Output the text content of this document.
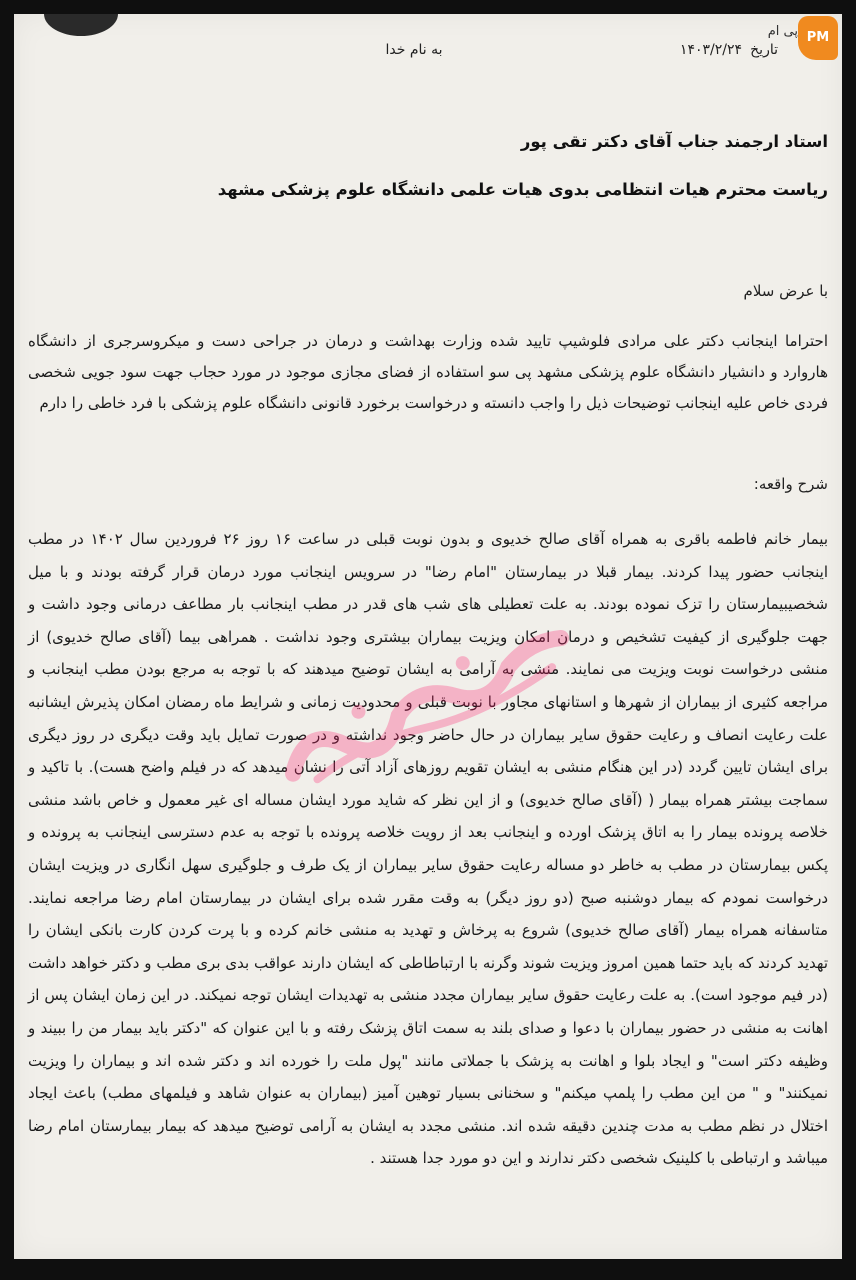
تاریخ
۱۴۰۳/۲/۲۴
به نام خدا
پی ام PM
استاد ارجمند جناب آقای دکتر تقی پور
ریاست محترم هیات انتظامی بدوی هیات علمی دانشگاه علوم پزشکی مشهد
با عرض سلام
احتراما اینجانب دکتر علی مرادی فلوشیپ تایید شده وزارت بهداشت و درمان در جراحی دست و میکروسرجری از دانشگاه هاروارد و دانشیار دانشگاه علوم پزشکی مشهد پی سو استفاده از فضای مجازی موجود در مورد حجاب جهت سود جویی شخصی فردی خاص علیه اینجانب توضیحات ذیل را واجب دانسته و درخواست برخورد قانونی دانشگاه علوم پزشکی با فرد خاطی را دارم
شرح واقعه:
بیمار خانم فاطمه باقری به همراه آقای صالح خدیوی و بدون نوبت قبلی در ساعت ۱۶ روز ۲۶ فروردین سال ۱۴۰۲ در مطب اینجانب حضور پیدا کردند. بیمار قبلا در بیمارستان "امام رضا" در سرویس اینجانب مورد درمان قرار گرفته بودند و با میل شخصیبیمارستان را تزک نموده بودند. به علت تعطیلی های شب های قدر در مطب اینجانب بار مطاعف درمانی وجود داشت و جهت جلوگیری از کیفیت تشخیص و درمان امکان ویزیت بیماران بیشتری وجود نداشت . همراهی بیما (آقای صالح خدیوی) از منشی درخواست نوبت ویزیت می نمایند. منشی به آرامی به ایشان توضیح میدهند که با توجه به مرجع بودن مطب اینجانب و مراجعه کثیری از بیماران از شهرها و استانهای مجاور با نوبت قبلی و محدودیت زمانی و شرایط ماه رمضان امکان پذیرش ایشانبه علت رعایت انصاف و رعایت حقوق سایر بیماران در حال حاضر وجود نداشته و در صورت تمایل باید وقت دیگری در روز دیگری برای ایشان تایین گردد (در این هنگام منشی به ایشان تقویم روزهای آزاد آتی را نشان میدهد که در فیلم واضح هست). با تاکید و سماجت بیشتر همراه بیمار ( (آقای صالح خدیوی) و از این نظر که شاید مورد ایشان مساله ای غیر معمول و خاص باشد منشی خلاصه پرونده بیمار را به اتاق پزشک اورده و اینجانب بعد از رویت خلاصه پرونده با توجه به عدم دسترسی اینجانب به پرونده و پکس بیمارستان در مطب به خاطر دو مساله رعایت حقوق سایر بیماران از یک طرف و جلوگیری سهل انگاری در ویزیت ایشان درخواست نمودم که بیمار دوشنبه صبح (دو روز دیگر) به وقت مقرر شده برای ایشان در بیمارستان امام رضا مراجعه نمایند. متاسفانه همراه بیمار (آقای صالح خدیوی) شروع به پرخاش و تهدید به منشی خانم کرده و با پرت کردن کارت بانکی ایشان را تهدید کردند که باید حتما همین امروز ویزیت شوند وگرنه با ارتباطاطی که ایشان دارند عواقب بدی بری مطب و دکتر خواهد داشت (در فیم موجود است). به علت رعایت حقوق سایر بیماران مجدد منشی به تهدیدات ایشان توجه نمیکند. در این زمان ایشان پس از اهانت به منشی در حضور بیماران با دعوا و صدای بلند به سمت اتاق پزشک رفته و با این عنوان که "دکتر باید بیمار من را ببیند و وظیفه دکتر است" و ایجاد بلوا و اهانت به پزشک با جملاتی مانند "پول ملت را خورده اند و دکتر شده اند و بیماران را ویزیت نمیکنند" و " من این مطب را پلمپ میکنم" و سخنانی بسیار توهین آمیز (بیماران به عنوان شاهد و فیلمهای مطب) باعث ایجاد اختلال در نظم مطب به مدت چندین دقیقه شده اند. منشی مجدد به ایشان به آرامی توضیح میدهد که بیمار بیمارستان امام رضا میباشد و ارتباطی با کلینیک شخصی دکتر ندارند و این دو مورد جدا هستند .
